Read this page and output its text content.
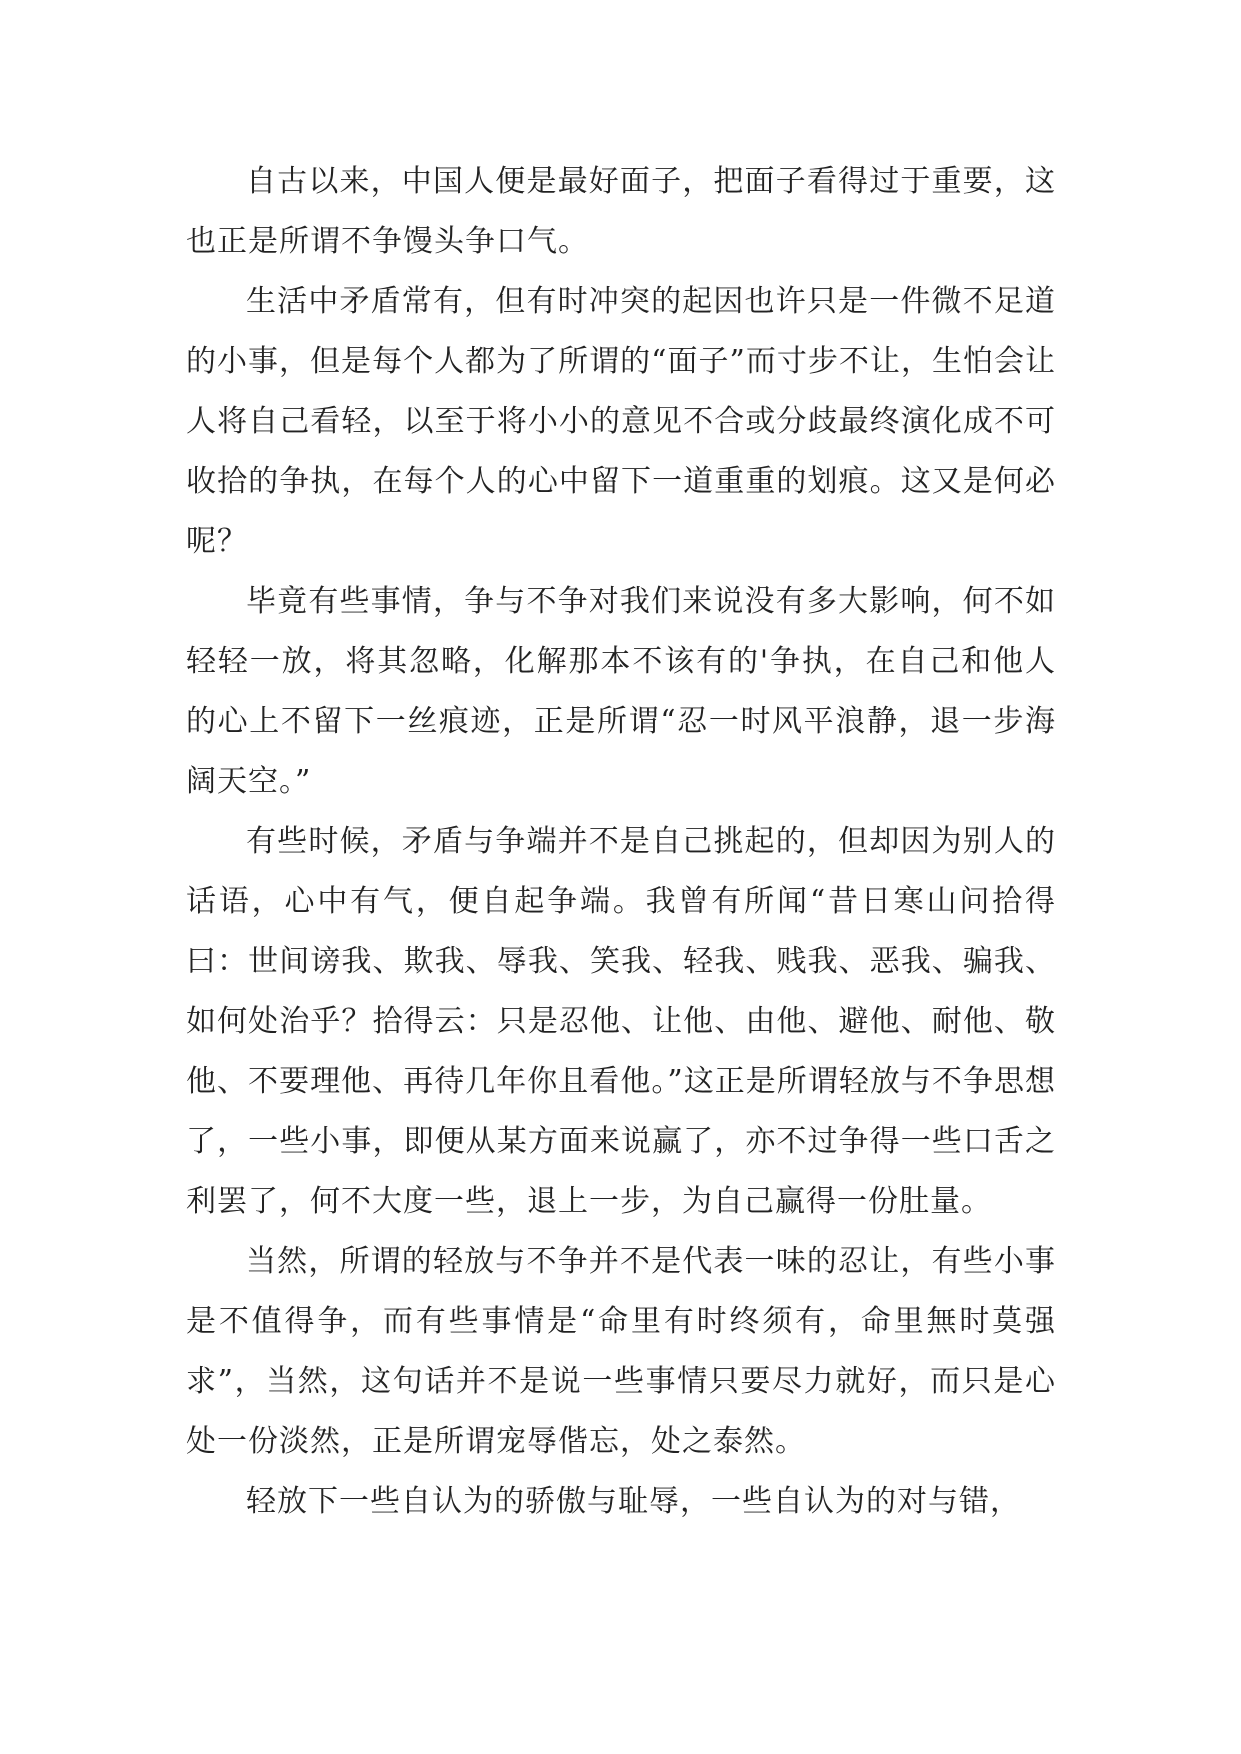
自古以来，中国人便是最好面子，把面子看得过于重要，这也正是所谓不争馒头争口气。

生活中矛盾常有，但有时冲突的起因也许只是一件微不足道的小事，但是每个人都为了所谓的“面子”而寸步不让，生怕会让人将自己看轻，以至于将小小的意见不合或分歧最终演化成不可收拾的争执，在每个人的心中留下一道重重的划痕。这又是何必呢？

毕竟有些事情，争与不争对我们来说没有多大影响，何不如轻轻一放，将其忽略，化解那本不该有的'争执，在自己和他人的心上不留下一丝痕迹，正是所谓“忍一时风平浪静，退一步海阔天空。”

有些时候，矛盾与争端并不是自己挑起的，但却因为别人的话语，心中有气，便自起争端。我曾有所闻“昔日寒山问拾得曰：世间谤我、欺我、辱我、笑我、轻我、贱我、恶我、骗我、如何处治乎？拾得云：只是忍他、让他、由他、避他、耐他、敬他、不要理他、再待几年你且看他。”这正是所谓轻放与不争思想了，一些小事，即便从某方面来说赢了，亦不过争得一些口舌之利罢了，何不大度一些，退上一步，为自己赢得一份肚量。

当然，所谓的轻放与不争并不是代表一味的忍让，有些小事是不值得争，而有些事情是“命里有时终须有，命里無时莫强求”，当然，这句话并不是说一些事情只要尽力就好，而只是心处一份淡然，正是所谓宠辱偕忘，处之泰然。

轻放下一些自认为的骄傲与耻辱，一些自认为的对与错，
